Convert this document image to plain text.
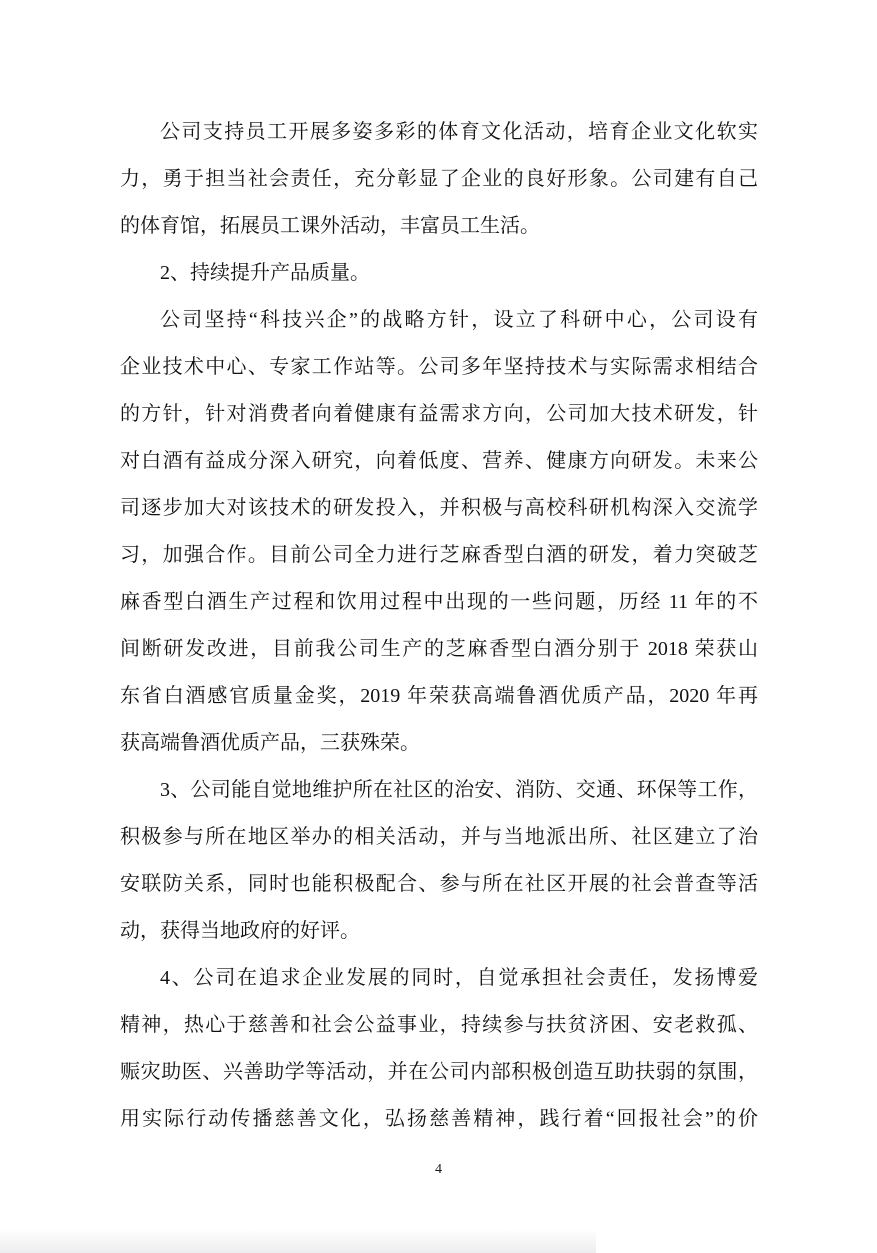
公司支持员工开展多姿多彩的体育文化活动，培育企业文化软实
力，勇于担当社会责任，充分彰显了企业的良好形象。公司建有自己
的体育馆，拓展员工课外活动，丰富员工生活。
2、持续提升产品质量。
公司坚持“科技兴企”的战略方针，设立了科研中心，公司设有
企业技术中心、专家工作站等。公司多年坚持技术与实际需求相结合
的方针，针对消费者向着健康有益需求方向，公司加大技术研发，针
对白酒有益成分深入研究，向着低度、营养、健康方向研发。未来公
司逐步加大对该技术的研发投入，并积极与高校科研机构深入交流学
习，加强合作。目前公司全力进行芝麻香型白酒的研发，着力突破芝
麻香型白酒生产过程和饮用过程中出现的一些问题，历经 11 年的不
间断研发改进，目前我公司生产的芝麻香型白酒分别于 2018 荣获山
东省白酒感官质量金奖，2019 年荣获高端鲁酒优质产品，2020 年再
获高端鲁酒优质产品，三获殊荣。
3、公司能自觉地维护所在社区的治安、消防、交通、环保等工作，
积极参与所在地区举办的相关活动，并与当地派出所、社区建立了治
安联防关系，同时也能积极配合、参与所在社区开展的社会普查等活
动，获得当地政府的好评。
4、公司在追求企业发展的同时，自觉承担社会责任，发扬博爱
精神，热心于慈善和社会公益事业，持续参与扶贫济困、安老救孤、
赈灾助医、兴善助学等活动，并在公司内部积极创造互助扶弱的氛围，
用实际行动传播慈善文化，弘扬慈善精神，践行着“回报社会”的价
4
